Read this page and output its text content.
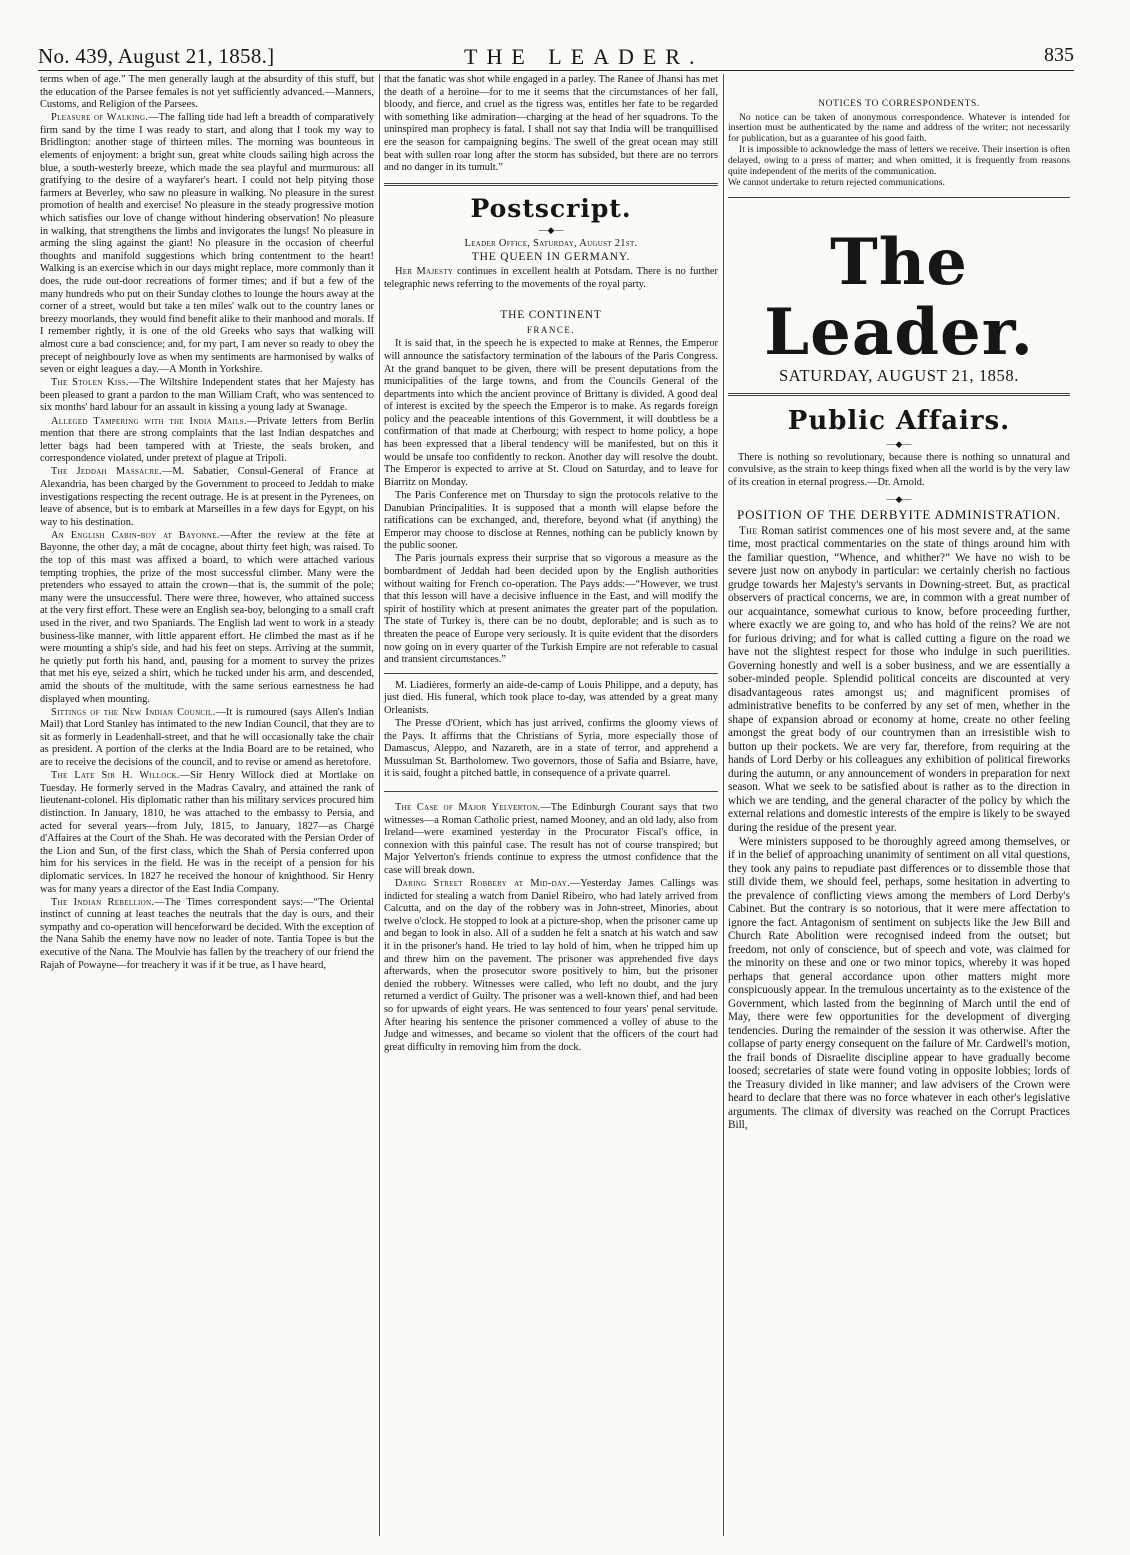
No. 439, August 21, 1858.]	THE LEADER.	835

terms when of age.” The men generally laugh at the absurdity of this stuff, but the education of the Parsee females is not yet sufficiently advanced.—Manners, Customs, and Religion of the Parsees.

Pleasure of Walking.—The falling tide had left a breadth of comparatively firm sand by the time I was ready to start, and along that I took my way to Bridlington: another stage of thirteen miles. The morning was bounteous in elements of enjoyment: a bright sun, great white clouds sailing high across the blue, a south-westerly breeze, which made the sea playful and murmurous: all gratifying to the desire of a wayfarer's heart. I could not help pitying those farmers at Beverley, who saw no pleasure in walking. No pleasure in the surest promotion of health and exercise! No pleasure in the steady progressive motion which satisfies our love of change without hindering observation! No pleasure in walking, that strengthens the limbs and invigorates the lungs! No pleasure in arming the sling against the giant! No pleasure in the occasion of cheerful thoughts and manifold suggestions which bring contentment to the heart! Walking is an exercise which in our days might replace, more commonly than it does, the rude out-door recreations of former times; and if but a few of the many hundreds who put on their Sunday clothes to lounge the hours away at the corner of a street, would but take a ten miles' walk out to the country lanes or breezy moorlands, they would find benefit alike to their manhood and morals. If I remember rightly, it is one of the old Greeks who says that walking will almost cure a bad conscience; and, for my part, I am never so ready to obey the precept of neighbourly love as when my sentiments are harmonised by walks of seven or eight leagues a day.—A Month in Yorkshire.

The Stolen Kiss.—The Wiltshire Independent states that her Majesty has been pleased to grant a pardon to the man William Craft, who was sentenced to six months' hard labour for an assault in kissing a young lady at Swanage.

Alleged Tampering with the India Mails.—Private letters from Berlin mention that there are strong complaints that the last Indian despatches and letter bags had been tampered with at Trieste, the seals broken, and correspondence violated, under pretext of plague at Tripoli.

The Jeddah Massacre.—M. Sabatier, Consul-General of France at Alexandria, has been charged by the Government to proceed to Jeddah to make investigations respecting the recent outrage. He is at present in the Pyrenees, on leave of absence, but is to embark at Marseilles in a few days for Egypt, on his way to his destination.

An English Cabin-boy at Bayonne.—After the review at the fête at Bayonne, the other day, a mât de cocagne, about thirty feet high, was raised. To the top of this mast was affixed a board, to which were attached various tempting trophies, the prize of the most successful climber. Many were the pretenders who essayed to attain the crown—that is, the summit of the pole; many were the unsuccessful. There were three, however, who attained success at the very first effort. These were an English sea-boy, belonging to a small craft used in the river, and two Spaniards. The English lad went to work in a steady business-like manner, with little apparent effort. He climbed the mast as if he were mounting a ship's side, and had his feet on steps. Arriving at the summit, he quietly put forth his hand, and, pausing for a moment to survey the prizes that met his eye, seized a shirt, which he tucked under his arm, and descended, amid the shouts of the multitude, with the same serious earnestness he had displayed when mounting.

Sittings of the New Indian Council.—It is rumoured (says Allen's Indian Mail) that Lord Stanley has intimated to the new Indian Council, that they are to sit as formerly in Leadenhall-street, and that he will occasionally take the chair as president. A portion of the clerks at the India Board are to be retained, who are to receive the decisions of the council, and to revise or amend as heretofore.

The Late Sir H. Willock.—Sir Henry Willock died at Mortlake on Tuesday. He formerly served in the Madras Cavalry, and attained the rank of lieutenant-colonel. His diplomatic rather than his military services procured him distinction. In January, 1810, he was attached to the embassy to Persia, and acted for several years—from July, 1815, to January, 1827—as Chargé d'Affaires at the Court of the Shah. He was decorated with the Persian Order of the Lion and Sun, of the first class, which the Shah of Persia conferred upon him for his services in the field. He was in the receipt of a pension for his diplomatic services. In 1827 he received the honour of knighthood. Sir Henry was for many years a director of the East India Company.

The Indian Rebellion.—The Times correspondent says:—“The Oriental instinct of cunning at least teaches the neutrals that the day is ours, and their sympathy and co-operation will henceforward be decided. With the exception of the Nana Sahib the enemy have now no leader of note. Tantia Topee is but the executive of the Nana. The Moulvie has fallen by the treachery of our friend the Rajah of Powayne—for treachery it was if it be true, as I have heard,

that the fanatic was shot while engaged in a parley. The Ranee of Jhansi has met the death of a heroine—for to me it seems that the circumstances of her fall, bloody, and fierce, and cruel as the tigress was, entitles her fate to be regarded with something like admiration—charging at the head of her squadrons. To the uninspired man prophecy is fatal. I shall not say that India will be tranquillised ere the season for campaigning begins. The swell of the great ocean may still beat with sullen roar long after the storm has subsided, but there are no terrors and no danger in its tumult.”

Postscript.
—◆—

Leader Office, Saturday, August 21st.

THE QUEEN IN GERMANY.

Her Majesty continues in excellent health at Potsdam. There is no further telegraphic news referring to the movements of the royal party.

THE CONTINENT
FRANCE.

It is said that, in the speech he is expected to make at Rennes, the Emperor will announce the satisfactory termination of the labours of the Paris Congress. At the grand banquet to be given, there will be present deputations from the municipalities of the large towns, and from the Councils General of the departments into which the ancient province of Brittany is divided. A good deal of interest is excited by the speech the Emperor is to make. As regards foreign policy and the peaceable intentions of this Government, it will doubtless be a confirmation of that made at Cherbourg; with respect to home policy, a hope has been expressed that a liberal tendency will be manifested, but on this it would be unsafe too confidently to reckon. Another day will resolve the doubt. The Emperor is expected to arrive at St. Cloud on Saturday, and to leave for Biarritz on Monday.

The Paris Conference met on Thursday to sign the protocols relative to the Danubian Principalities. It is supposed that a month will elapse before the ratifications can be exchanged, and, therefore, beyond what (if anything) the Emperor may choose to disclose at Rennes, nothing can be publicly known by the public sooner.

The Paris journals express their surprise that so vigorous a measure as the bombardment of Jeddah had been decided upon by the English authorities without waiting for French co-operation. The Pays adds:—“However, we trust that this lesson will have a decisive influence in the East, and will modify the spirit of hostility which at present animates the greater part of the population. The state of Turkey is, there can be no doubt, deplorable; and is such as to threaten the peace of Europe very seriously. It is quite evident that the disorders now going on in every quarter of the Turkish Empire are not referable to casual and transient circumstances.”

M. Liadières, formerly an aide-de-camp of Louis Philippe, and a deputy, has just died. His funeral, which took place to-day, was attended by a great many Orleanists.

The Presse d'Orient, which has just arrived, confirms the gloomy views of the Pays. It affirms that the Christians of Syria, more especially those of Damascus, Aleppo, and Nazareth, are in a state of terror, and apprehend a Mussulman St. Bartholomew. Two governors, those of Safia and Bsiarre, have, it is said, fought a pitched battle, in consequence of a private quarrel.

The Case of Major Yelverton.—The Edinburgh Courant says that two witnesses—a Roman Catholic priest, named Mooney, and an old lady, also from Ireland—were examined yesterday in the Procurator Fiscal's office, in connexion with this painful case. The result has not of course transpired; but Major Yelverton's friends continue to express the utmost confidence that the case will break down.

Daring Street Robbery at Mid-day.—Yesterday James Callings was indicted for stealing a watch from Daniel Ribeiro, who had lately arrived from Calcutta, and on the day of the robbery was in John-street, Minories, about twelve o'clock. He stopped to look at a picture-shop, when the prisoner came up and began to look in also. All of a sudden he felt a snatch at his watch and saw it in the prisoner's hand. He tried to lay hold of him, when he tripped him up and threw him on the pavement. The prisoner was apprehended five days afterwards, when the prosecutor swore positively to him, but the prisoner denied the robbery. Witnesses were called, who left no doubt, and the jury returned a verdict of Guilty. The prisoner was a well-known thief, and had been so for upwards of eight years. He was sentenced to four years' penal servitude. After hearing his sentence the prisoner commenced a volley of abuse to the Judge and witnesses, and became so violent that the officers of the court had great difficulty in removing him from the dock.

NOTICES TO CORRESPONDENTS.

No notice can be taken of anonymous correspondence. Whatever is intended for insertion must be authenticated by the name and address of the writer; not necessarily for publication, but as a guarantee of his good faith.

It is impossible to acknowledge the mass of letters we receive. Their insertion is often delayed, owing to a press of matter; and when omitted, it is frequently from reasons quite independent of the merits of the communication.

We cannot undertake to return rejected communications.

The Leader.
SATURDAY, AUGUST 21, 1858.
Public Affairs.
—◆—

There is nothing so revolutionary, because there is nothing so unnatural and convulsive, as the strain to keep things fixed when all the world is by the very law of its creation in eternal progress.—Dr. Arnold.

—◆—
POSITION OF THE DERBYITE ADMINISTRATION.

The Roman satirist commences one of his most severe and, at the same time, most practical commentaries on the state of things around him with the familiar question, “Whence, and whither?” We have no wish to be severe just now on anybody in particular: we certainly cherish no factious grudge towards her Majesty's servants in Downing-street. But, as practical observers of practical concerns, we are, in common with a great number of our acquaintance, somewhat curious to know, before proceeding further, where exactly we are going to, and who has hold of the reins? We are not for furious driving; and for what is called cutting a figure on the road we have not the slightest respect for those who indulge in such puerilities. Governing honestly and well is a sober business, and we are essentially a sober-minded people. Splendid political conceits are discounted at very disadvantageous rates amongst us; and magnificent promises of administrative benefits to be conferred by any set of men, whether in the shape of expansion abroad or economy at home, create no other feeling amongst the great body of our countrymen than an irresistible wish to button up their pockets. We are very far, therefore, from requiring at the hands of Lord Derby or his colleagues any exhibition of political fireworks during the autumn, or any announcement of wonders in preparation for next season. What we seek to be satisfied about is rather as to the direction in which we are tending, and the general character of the policy by which the external relations and domestic interests of the empire is likely to be swayed during the residue of the present year.

Were ministers supposed to be thoroughly agreed among themselves, or if in the belief of approaching unanimity of sentiment on all vital questions, they took any pains to repudiate past differences or to dissemble those that still divide them, we should feel, perhaps, some hesitation in adverting to the prevalence of conflicting views among the members of Lord Derby's Cabinet. But the contrary is so notorious, that it were mere affectation to ignore the fact. Antagonism of sentiment on subjects like the Jew Bill and Church Rate Abolition were recognised indeed from the outset; but freedom, not only of conscience, but of speech and vote, was claimed for the minority on these and one or two minor topics, whereby it was hoped perhaps that general accordance upon other matters might more conspicuously appear. In the tremulous uncertainty as to the existence of the Government, which lasted from the beginning of March until the end of May, there were few opportunities for the development of diverging tendencies. During the remainder of the session it was otherwise. After the collapse of party energy consequent on the failure of Mr. Cardwell's motion, the frail bonds of Disraelite discipline appear to have gradually become loosed; secretaries of state were found voting in opposite lobbies; lords of the Treasury divided in like manner; and law advisers of the Crown were heard to declare that there was no force whatever in each other's legislative arguments. The climax of diversity was reached on the Corrupt Practices Bill,
